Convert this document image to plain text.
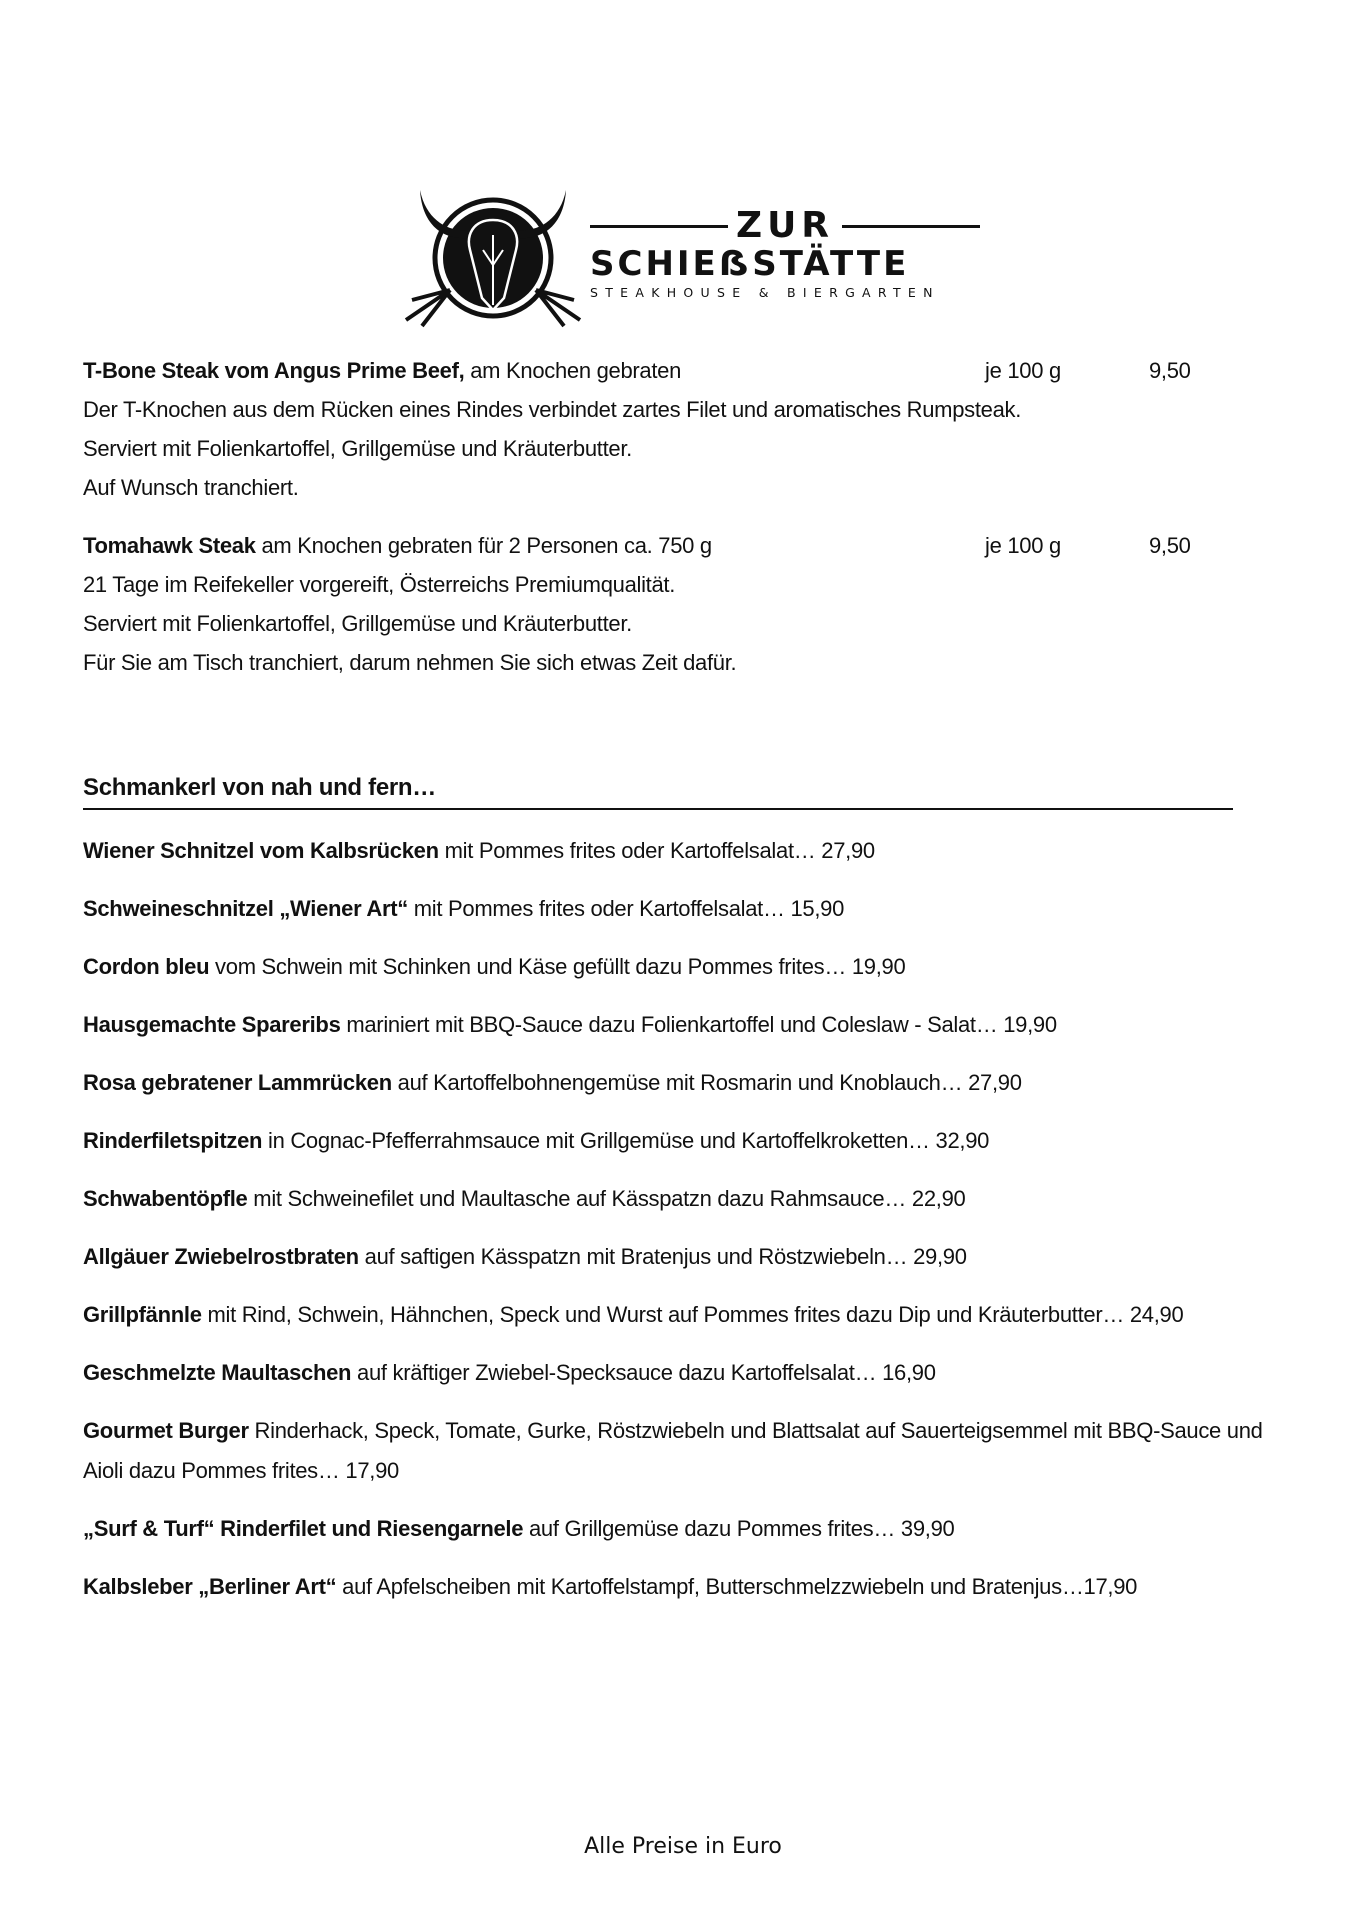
ZUR
SCHIEẞSTÄTTE
STEAKHOUSE & BIERGARTEN
T-Bone Steak vom Angus Prime Beef, am Knochen gebraten	je 100 g	9,50
Der T-Knochen aus dem Rücken eines Rindes verbindet zartes Filet und aromatisches Rumpsteak.
Serviert mit Folienkartoffel, Grillgemüse und Kräuterbutter.
Auf Wunsch tranchiert.
Tomahawk Steak am Knochen gebraten für 2 Personen ca. 750 g	je 100 g	9,50
21 Tage im Reifekeller vorgereift, Österreichs Premiumqualität.
Serviert mit Folienkartoffel, Grillgemüse und Kräuterbutter.
Für Sie am Tisch tranchiert, darum nehmen Sie sich etwas Zeit dafür.
Schmankerl von nah und fern…
Wiener Schnitzel vom Kalbsrücken mit Pommes frites oder Kartoffelsalat… 27,90
Schweineschnitzel „Wiener Art“ mit Pommes frites oder Kartoffelsalat… 15,90
Cordon bleu vom Schwein mit Schinken und Käse gefüllt dazu Pommes frites… 19,90
Hausgemachte Spareribs mariniert mit BBQ-Sauce dazu Folienkartoffel und Coleslaw - Salat… 19,90
Rosa gebratener Lammrücken auf Kartoffelbohnengemüse mit Rosmarin und Knoblauch… 27,90
Rinderfiletspitzen in Cognac-Pfefferrahmsauce mit Grillgemüse und Kartoffelkroketten… 32,90
Schwabentöpfle mit Schweinefilet und Maultasche auf Kässpatzn dazu Rahmsauce… 22,90
Allgäuer Zwiebelrostbraten auf saftigen Kässpatzn mit Bratenjus und Röstzwiebeln… 29,90
Grillpfännle mit Rind, Schwein, Hähnchen, Speck und Wurst auf Pommes frites dazu Dip und Kräuterbutter… 24,90
Geschmelzte Maultaschen auf kräftiger Zwiebel-Specksauce dazu Kartoffelsalat… 16,90
Gourmet Burger Rinderhack, Speck, Tomate, Gurke, Röstzwiebeln und Blattsalat auf Sauerteigsemmel mit BBQ-Sauce und Aioli dazu Pommes frites… 17,90
„Surf & Turf“ Rinderfilet und Riesengarnele auf Grillgemüse dazu Pommes frites… 39,90
Kalbsleber „Berliner Art“ auf Apfelscheiben mit Kartoffelstampf, Butterschmelzzwiebeln und Bratenjus…17,90
Alle Preise in Euro
